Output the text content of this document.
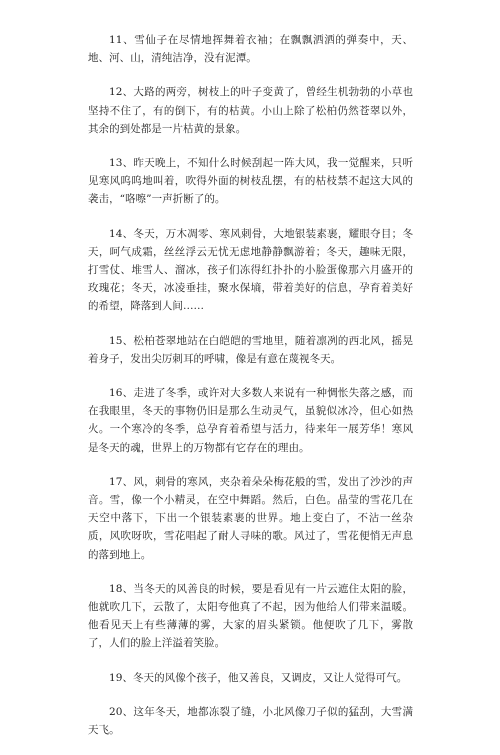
11、雪仙子在尽情地挥舞着衣袖；在飘飘洒洒的弹奏中，天、地、河、山，清纯洁净，没有泥潭。

12、大路的两旁，树枝上的叶子变黄了，曾经生机勃勃的小草也坚持不住了，有的倒下，有的枯黄。小山上除了松柏仍然苍翠以外，其余的到处都是一片枯黄的景象。

13、昨天晚上，不知什么时候刮起一阵大风，我一觉醒来，只听见寒风呜呜地叫着，吹得外面的树枝乱摆，有的枯枝禁不起这大风的袭击，“咯嚓”一声折断了的。

14、冬天，万木凋零、寒风刺骨，大地银装素裹，耀眼夺目；冬天，呵气成霜，丝丝浮云无忧无虑地静静飘游着；冬天，趣味无限，打雪仗、堆雪人、溜冰，孩子们冻得红扑扑的小脸蛋像那六月盛开的玫瑰花；冬天，冰凌垂挂，聚水保墒，带着美好的信息，孕育着美好的希望，降落到人间……

15、松柏苍翠地站在白皑皑的雪地里，随着凛冽的西北风，摇晃着身子，发出尖厉刺耳的呼啸，像是有意在蔑视冬天。

16、走进了冬季，或许对大多数人来说有一种惆怅失落之感，而在我眼里，冬天的事物仍旧是那么生动灵气，虽貌似冰冷，但心如热火。一个寒冷的冬季，总孕育着希望与活力，待来年一展芳华！寒风是冬天的魂，世界上的万物都有它存在的理由。

17、风，刺骨的寒风，夹杂着朵朵梅花般的雪，发出了沙沙的声音。雪，像一个小精灵，在空中舞蹈。然后，白色。晶莹的雪花几在天空中落下，下出一个银装素裹的世界。地上变白了，不沾一丝杂质，风吹呀吹，雪花唱起了耐人寻味的歌。风过了，雪花便悄无声息的落到地上。

18、当冬天的风善良的时候，要是看见有一片云遮住太阳的脸，他就吹几下，云散了，太阳夸他真了不起，因为他给人们带来温暖。他看见天上有些薄薄的雾，大家的眉头紧锁。他便吹了几下，雾散了，人们的脸上洋溢着笑脸。

19、冬天的风像个孩子，他又善良，又调皮，又让人觉得可气。

20、这年冬天，地都冻裂了缝，小北风像刀子似的猛刮，大雪满天飞。
